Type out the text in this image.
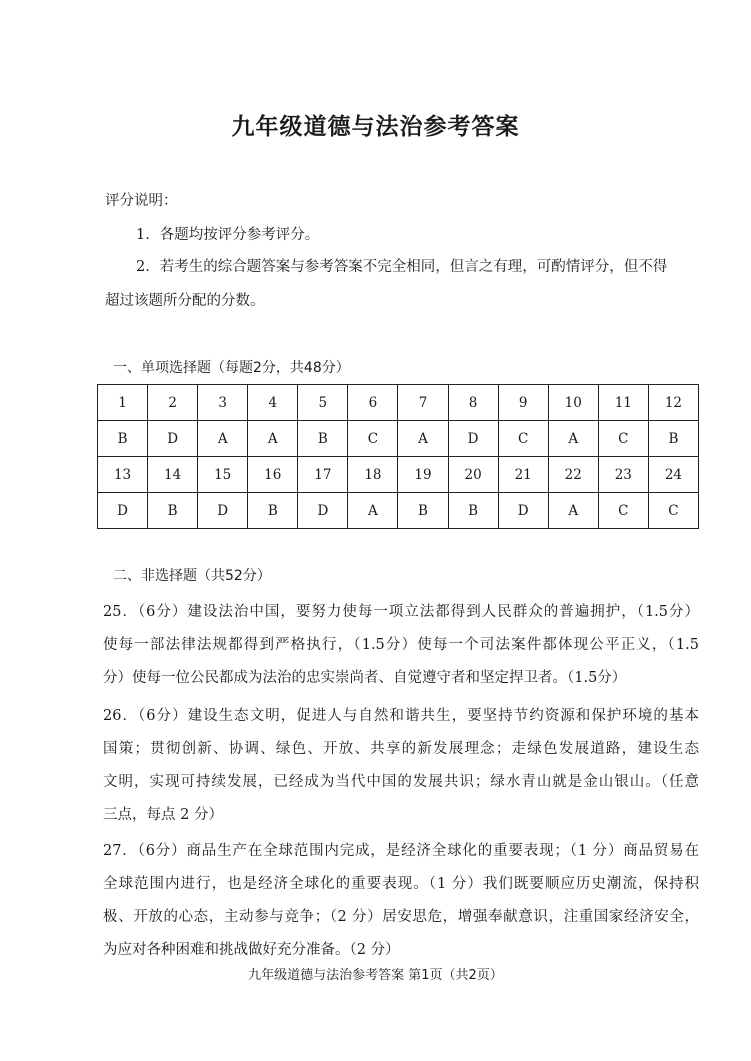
九年级道德与法治参考答案
评分说明：
1．各题均按评分参考评分。
2．若考生的综合题答案与参考答案不完全相同，但言之有理，可酌情评分，但不得
超过该题所分配的分数。
一、单项选择题（每题2分，共48分）
1	2	3	4	5	6	7	8	9	10	11	12
B	D	A	A	B	C	A	D	C	A	C	B
13	14	15	16	17	18	19	20	21	22	23	24
D	B	D	B	D	A	B	B	D	A	C	C
二、非选择题（共52分）
25．（6分）建设法治中国，要努力使每一项立法都得到人民群众的普遍拥护，（1.5分）
使每一部法律法规都得到严格执行，（1.5分）使每一个司法案件都体现公平正义，（1.5
分）使每一位公民都成为法治的忠实崇尚者、自觉遵守者和坚定捍卫者。（1.5分）
26．（6分）建设生态文明，促进人与自然和谐共生，要坚持节约资源和保护环境的基本
国策；贯彻创新、协调、绿色、开放、共享的新发展理念；走绿色发展道路，建设生态
文明，实现可持续发展，已经成为当代中国的发展共识；绿水青山就是金山银山。（任意
三点，每点 2 分）
27．（6分）商品生产在全球范围内完成，是经济全球化的重要表现；（1 分）商品贸易在
全球范围内进行，也是经济全球化的重要表现。（1 分）我们既要顺应历史潮流，保持积
极、开放的心态，主动参与竞争；（2 分）居安思危，增强奉献意识，注重国家经济安全，
为应对各种困难和挑战做好充分准备。（2 分）
九年级道德与法治参考答案 第1页（共2页）
